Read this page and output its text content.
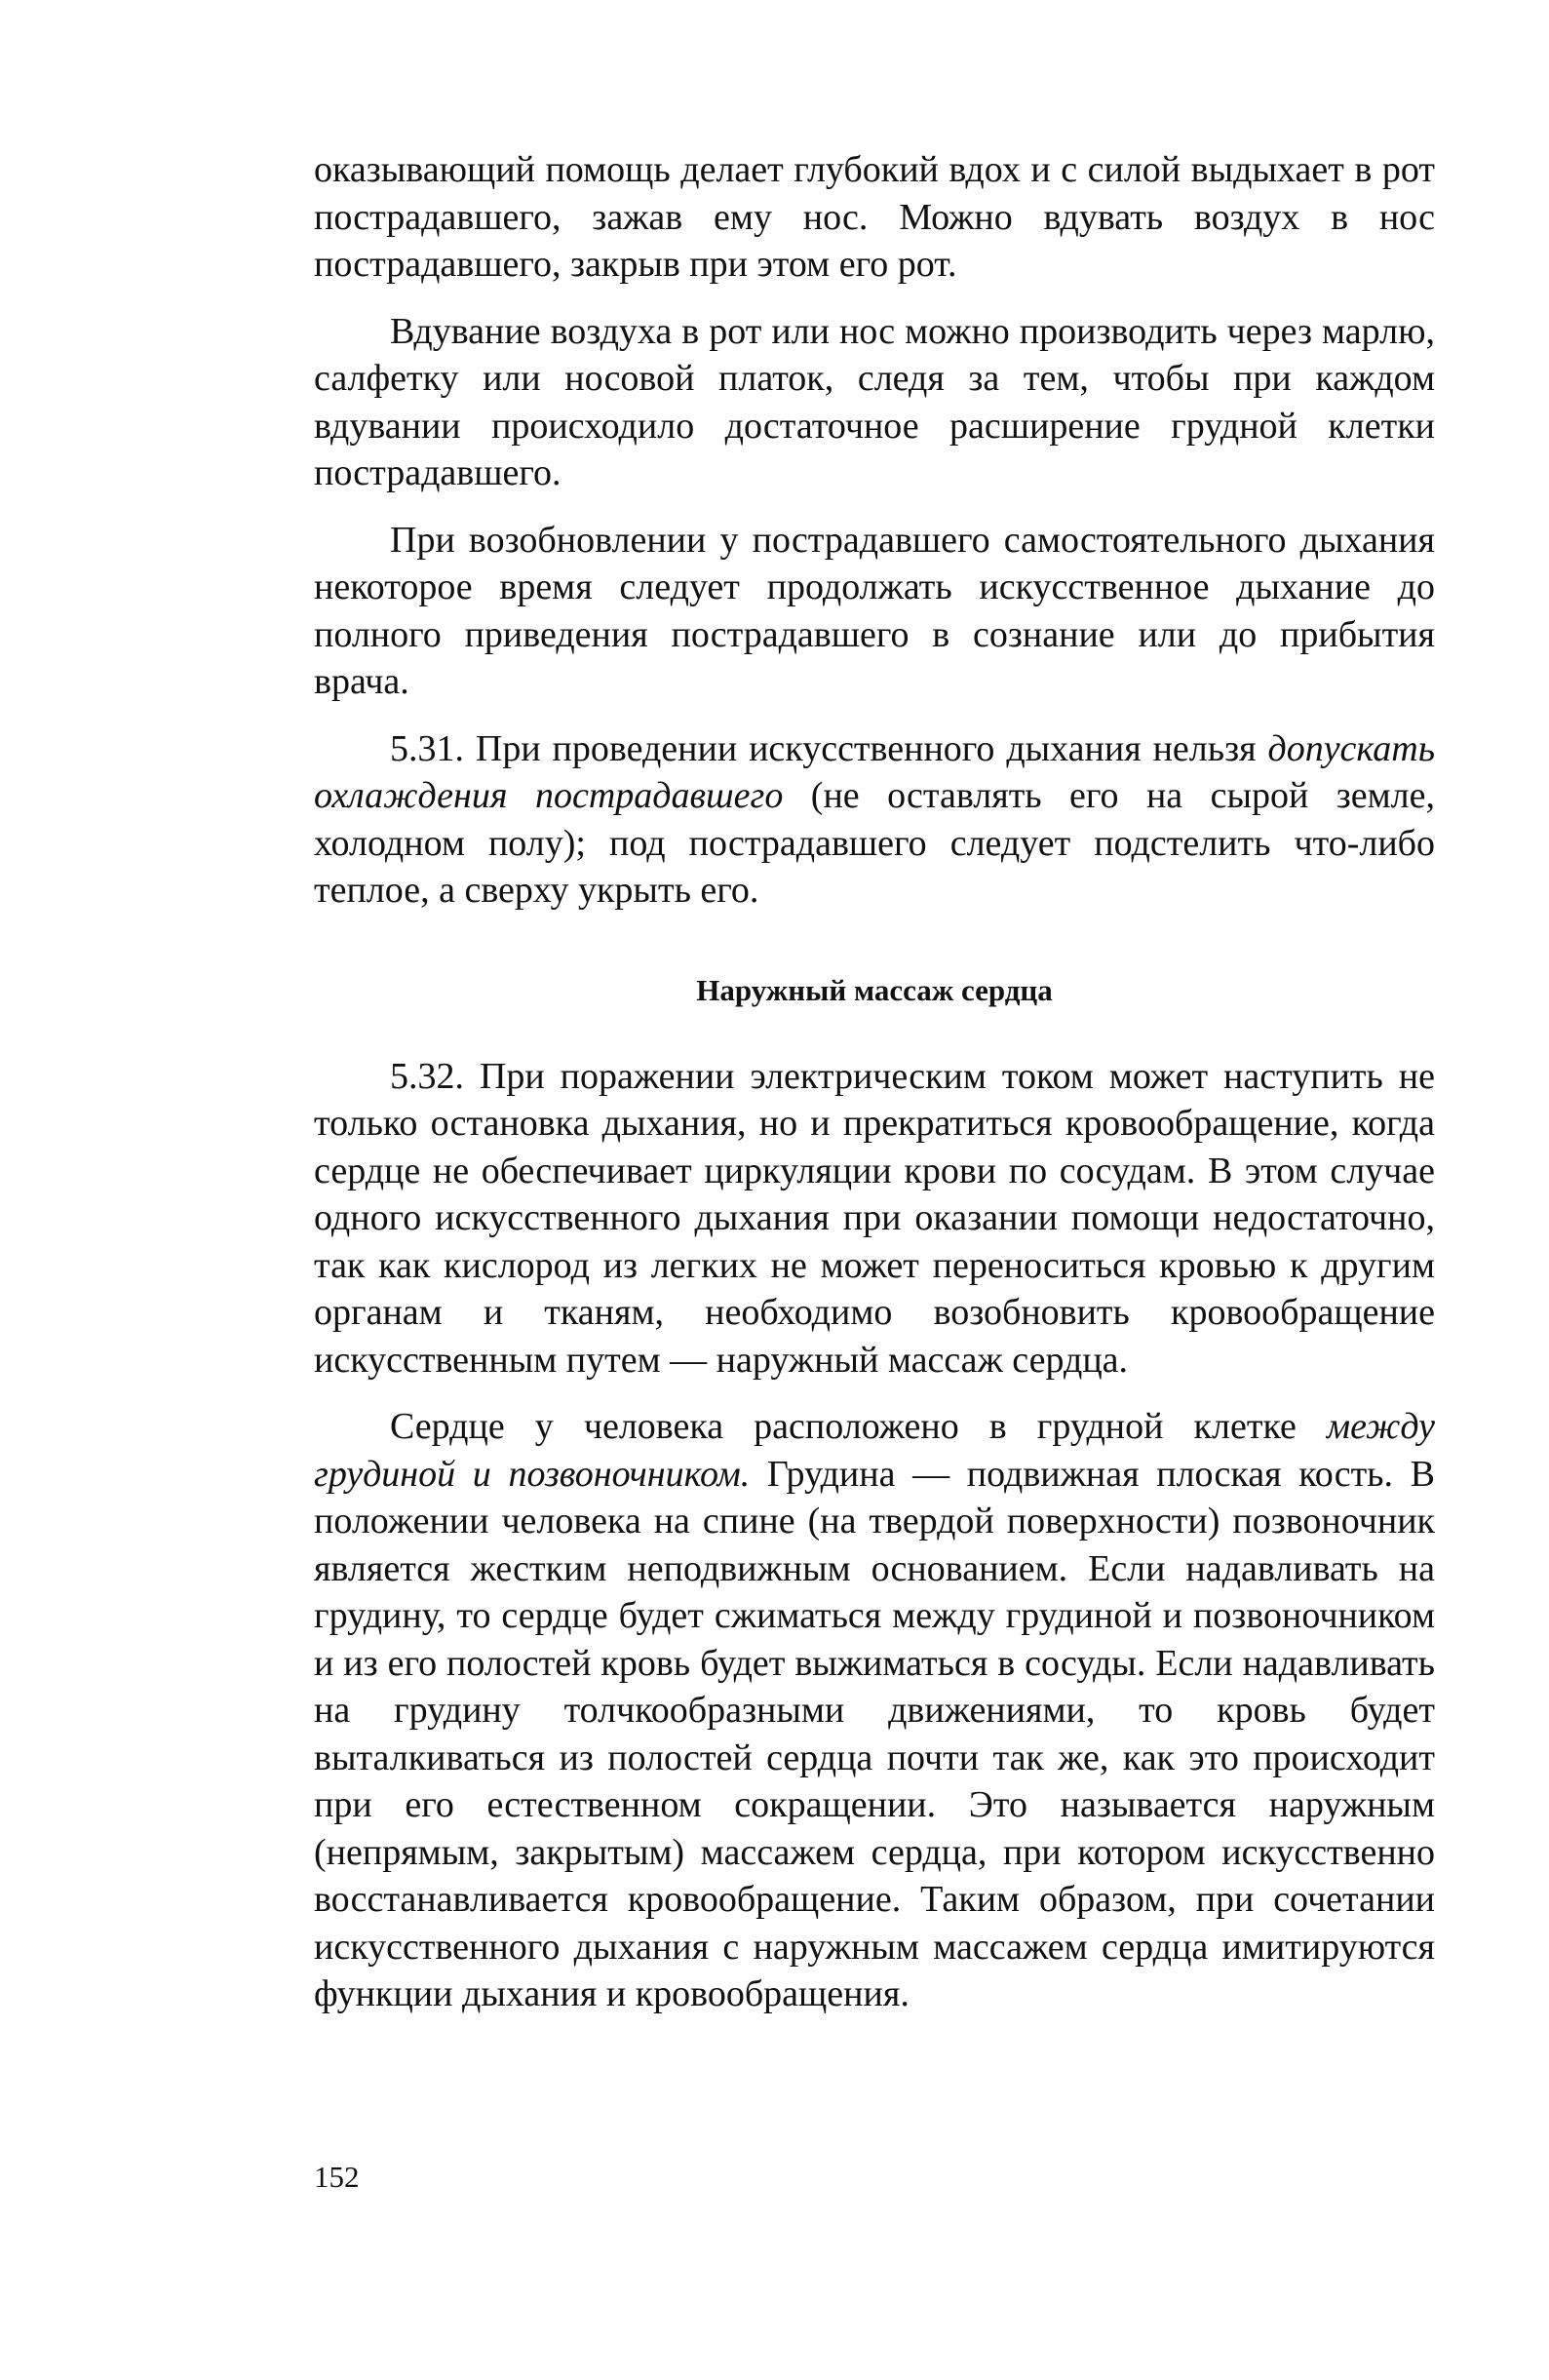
оказывающий помощь делает глубокий вдох и с силой выдыхает в рот пострадавшего, зажав ему нос. Можно вдувать воздух в нос пострадавшего, закрыв при этом его рот.

Вдувание воздуха в рот или нос можно производить через марлю, салфетку или носовой платок, следя за тем, чтобы при каждом вдувании происходило достаточное расширение грудной клетки пострадавшего.

При возобновлении у пострадавшего самостоятельного дыхания некоторое время следует продолжать искусственное дыхание до полного приведения пострадавшего в сознание или до прибытия врача.

5.31. При проведении искусственного дыхания нельзя допускать охлаждения пострадавшего (не оставлять его на сырой земле, холодном полу); под пострадавшего следует подстелить что-либо теплое, а сверху укрыть его.

Наружный массаж сердца

5.32. При поражении электрическим током может наступить не только остановка дыхания, но и прекратиться кровообращение, когда сердце не обеспечивает циркуляции крови по сосудам. В этом случае одного искусственного дыхания при оказании помощи недостаточно, так как кислород из легких не может переноситься кровью к другим органам и тканям, необходимо возобновить кровообращение искусственным путем — наружный массаж сердца.

Сердце у человека расположено в грудной клетке между грудиной и позвоночником. Грудина — подвижная плоская кость. В положении человека на спине (на твердой поверхности) позвоночник является жестким неподвижным основанием. Если надавливать на грудину, то сердце будет сжиматься между грудиной и позвоночником и из его полостей кровь будет выжиматься в сосуды. Если надавливать на грудину толчкообразными движениями, то кровь будет выталкиваться из полостей сердца почти так же, как это происходит при его естественном сокращении. Это называется наружным (непрямым, закрытым) массажем сердца, при котором искусственно восстанавливается кровообращение. Таким образом, при сочетании искусственного дыхания с наружным массажем сердца имитируются функции дыхания и кровообращения.

152
